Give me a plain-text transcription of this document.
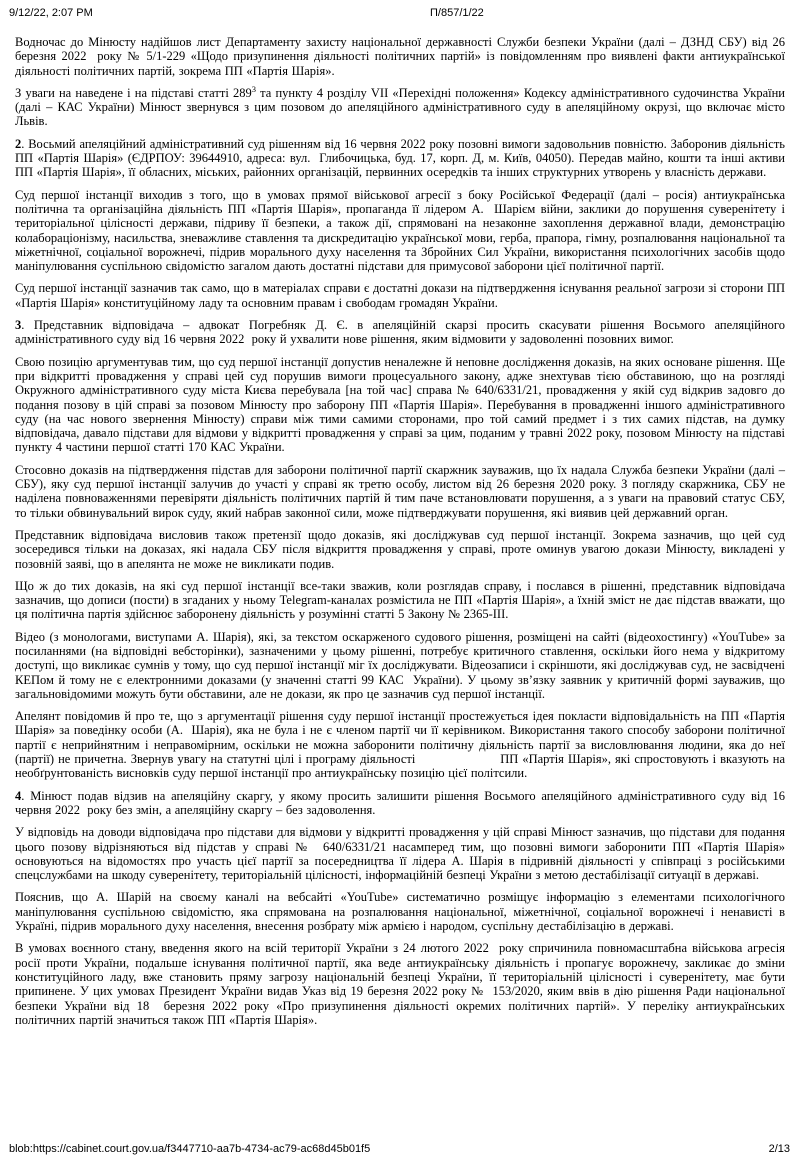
9/12/22, 2:07 PM	П/857/1/22

Водночас до Мінюсту надійшов лист Департаменту захисту національної державності Служби безпеки України (далі – ДЗНД СБУ) від 26 березня 2022  року № 5/1-229 «Щодо призупинення діяльності політичних партій» із повідомленням про виявлені факти антиукраїнської діяльності політичних партій, зокрема ПП «Партія Шарія».

З уваги на наведене і на підставі статті $289^3$ та пункту 4 розділу VII «Перехідні положення» Кодексу адміністративного судочинства України (далі – КАС України) Мінюст звернувся з цим позовом до апеляційного адміністративного суду в апеляційному окрузі, що включає місто Львів.

2. Восьмий апеляційний адміністративний суд рішенням від 16 червня 2022 року позовні вимоги задовольнив повністю. Заборонив діяльність ПП «Партія Шарія» (ЄДРПОУ: 39644910, адреса: вул.  Глибочицька, буд. 17, корп. Д, м. Київ, 04050). Передав майно, кошти та інші активи ПП «Партія Шарія», її обласних, міських, районних організацій, первинних осередків та інших структурних утворень у власність держави.

Суд першої інстанції виходив з того, що в умовах прямої військової агресії з боку Російської Федерації (далі – росія) антиукраїнська політична та організаційна діяльність ПП «Партія Шарія», пропаганда її лідером А.  Шарієм війни, заклики до порушення суверенітету і територіальної цілісності держави, підриву її безпеки, а також дії, спрямовані на незаконне захоплення державної влади, демонстрацію колабораціонізму, насильства, зневажливе ставлення та дискредитацію української мови, герба, прапора, гімну, розпалювання національної та міжетнічної, соціальної ворожнечі, підрив морального духу населення та Збройних Сил України, використання психологічних засобів щодо маніпулювання суспільною свідомістю загалом дають достатні підстави для примусової заборони цієї політичної партії.

Суд першої інстанції зазначив так само, що в матеріалах справи є достатні докази на підтвердження існування реальної загрози зі сторони ПП «Партія Шарія» конституційному ладу та основним правам і свободам громадян України.

3. Представник відповідача – адвокат Погребняк Д. Є. в апеляційній скарзі просить скасувати рішення Восьмого апеляційного адміністративного суду від 16 червня 2022  року й ухвалити нове рішення, яким відмовити у задоволенні позовних вимог.

Свою позицію аргументував тим, що суд першої інстанції допустив неналежне й неповне дослідження доказів, на яких основане рішення. Ще при відкритті провадження у справі цей суд порушив вимоги процесуального закону, адже знехтував тією обставиною, що на розгляді Окружного адміністративного суду міста Києва перебувала [на той час] справа № 640/6331/21, провадження у якій суд відкрив задовго до подання позову в цій справі за позовом Мінюсту про заборону ПП «Партія Шарія». Перебування в провадженні іншого адміністративного суду (на час нового звернення Мінюсту) справи між тими самими сторонами, про той самий предмет і з тих самих підстав, на думку відповідача, давало підстави для відмови у відкритті провадження у справі за цим, поданим у травні 2022 року, позовом Мінюсту на підставі пункту 4 частини першої статті 170 КАС України.

Стосовно доказів на підтвердження підстав для заборони політичної партії скаржник зауважив, що їх надала Служба безпеки України (далі – СБУ), яку суд першої інстанції залучив до участі у справі як третю особу, листом від 26 березня 2020 року. З погляду скаржника, СБУ не наділена повноваженнями перевіряти діяльність політичних партій й тим паче встановлювати порушення, а з уваги на правовий статус СБУ, то тільки обвинувальний вирок суду, який набрав законної сили, може підтверджувати порушення, які виявив цей державний орган.

Представник відповідача висловив також претензії щодо доказів, які досліджував суд першої інстанції. Зокрема зазначив, що цей суд зосередився тільки на доказах, які надала СБУ після відкриття провадження у справі, проте оминув увагою докази Мінюсту, викладені у позовній заяві, що в апелянта не може не викликати подив.

Що ж до тих доказів, на які суд першої інстанції все-таки зважив, коли розглядав справу, і послався в рішенні, представник відповідача зазначив, що дописи (пости) в згаданих у ньому Telegram-каналах розмістила не ПП «Партія Шарія», а їхній зміст не дає підстав вважати, що ця політична партія здійснює заборонену діяльність у розумінні статті 5 Закону № 2365-ІІІ.

Відео (з монологами, виступами А. Шарія), які, за текстом оскарженого судового рішення, розміщені на сайті (відеохостингу) «YouTube» за посиланнями (на відповідні вебсторінки), зазначеними у цьому рішенні, потребує критичного ставлення, оскільки його нема у відкритому доступі, що викликає сумнів у тому, що суд першої інстанції міг їх досліджувати. Відеозаписи і скріншоти, які досліджував суд, не засвідчені КЕПом й тому не є електронними доказами (у значенні статті 99 КАС  України). У цьому зв’язку заявник у критичній формі зауважив, що загальновідомими можуть бути обставини, але не докази, як про це зазначив суд першої інстанції.

Апелянт повідомив й про те, що з аргументації рішення суду першої інстанції простежується ідея покласти відповідальність на ПП «Партія Шарія» за поведінку особи (А.  Шарія), яка не була і не є членом партії чи її керівником. Використання такого способу заборони політичної партії є неприйнятним і неправомірним, оскільки не можна заборонити політичну діяльність партії за висловлювання людини, яка до неї (партії) не причетна. Звернув увагу на статутні цілі і програму діяльності                     ПП «Партія Шарія», які спростовують і вказують на необґрунтованість висновків суду першої інстанції про антиукраїнську позицію цієї політсили.

4. Мінюст подав відзив на апеляційну скаргу, у якому просить залишити рішення Восьмого апеляційного адміністративного суду від 16 червня 2022  року без змін, а апеляційну скаргу – без задоволення.

У відповідь на доводи відповідача про підстави для відмови у відкритті провадження у цій справі Мінюст зазначив, що підстави для подання цього позову відрізняються від підстав у справі №  640/6331/21 насамперед тим, що позовні вимоги заборонити ПП «Партія Шарія» основуються на відомостях про участь цієї партії за посередництва її лідера А. Шарія в підривній діяльності у співпраці з російськими спецслужбами на шкоду суверенітету, територіальній цілісності, інформаційній безпеці України з метою дестабілізації ситуації в державі.

Пояснив, що А. Шарій на своєму каналі на вебсайті «YouTube» систематично розміщує інформацію з елементами психологічного маніпулювання суспільною свідомістю, яка спрямована на розпалювання національної, міжетнічної, соціальної ворожнечі і ненависті в Україні, підрив морального духу населення, внесення розбрату між армією і народом, суспільну дестабілізацію в державі.

В умовах воєнного стану, введення якого на всій території України з 24 лютого 2022  року спричинила повномасштабна військова агресія росії проти України, подальше існування політичної партії, яка веде антиукраїнську діяльність і пропагує ворожнечу, закликає до зміни конституційного ладу, вже становить пряму загрозу національній безпеці України, її територіальній цілісності і суверенітету, має бути припинене. У цих умовах Президент України видав Указ від 19 березня 2022 року №  153/2020, яким ввів в дію рішення Ради національної безпеки України від 18  березня 2022 року «Про призупинення діяльності окремих політичних партій». У переліку антиукраїнських політичних партій значиться також ПП «Партія Шарія».

blob:https://cabinet.court.gov.ua/f3447710-aa7b-4734-ac79-ac68d45b01f5	2/13
